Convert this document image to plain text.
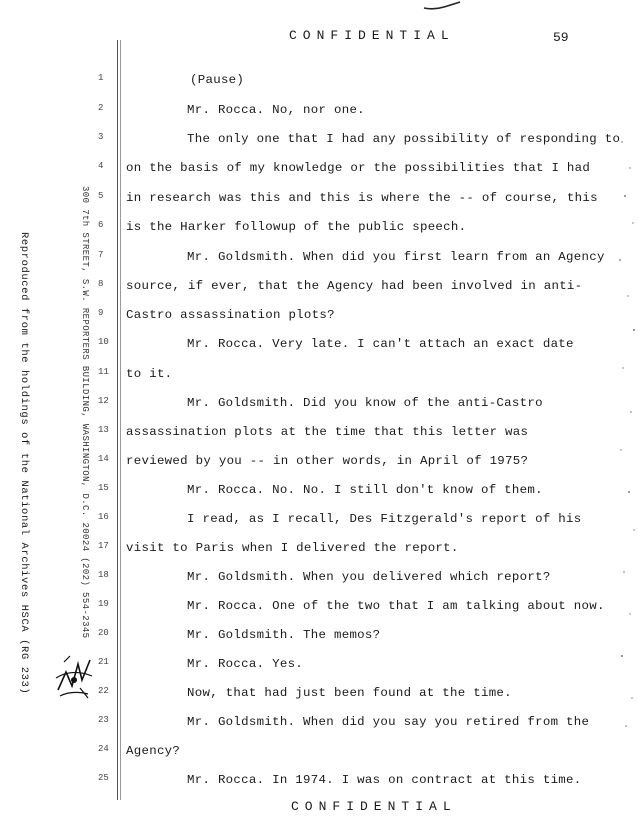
CONFIDENTIAL	59
Reproduced from the holdings of the National Archives HSCA (RG 233)	300 7th STREET, S.W. REPORTERS BUILDING, WASHINGTON, D.C. 20024 (202) 554-2345
1
2
3
4
5
6
7
8
9
10
11
12
13
14
15
16
17
18
19
20
21
22
23
24
25
(Pause)
Mr. Rocca. No, nor one.
The only one that I had any possibility of responding to
on the basis of my knowledge or the possibilities that I had
in research was this and this is where the -- of course, this
is the Harker followup of the public speech.
Mr. Goldsmith. When did you first learn from an Agency
source, if ever, that the Agency had been involved in anti-
Castro assassination plots?
Mr. Rocca. Very late. I can't attach an exact date
to it.
Mr. Goldsmith. Did you know of the anti-Castro
assassination plots at the time that this letter was
reviewed by you -- in other words, in April of 1975?
Mr. Rocca. No. No. I still don't know of them.
I read, as I recall, Des Fitzgerald's report of his
visit to Paris when I delivered the report.
Mr. Goldsmith. When you delivered which report?
Mr. Rocca. One of the two that I am talking about now.
Mr. Goldsmith. The memos?
Mr. Rocca. Yes.
Now, that had just been found at the time.
Mr. Goldsmith. When did you say you retired from the
Agency?
Mr. Rocca. In 1974. I was on contract at this time.
CONFIDENTIAL
